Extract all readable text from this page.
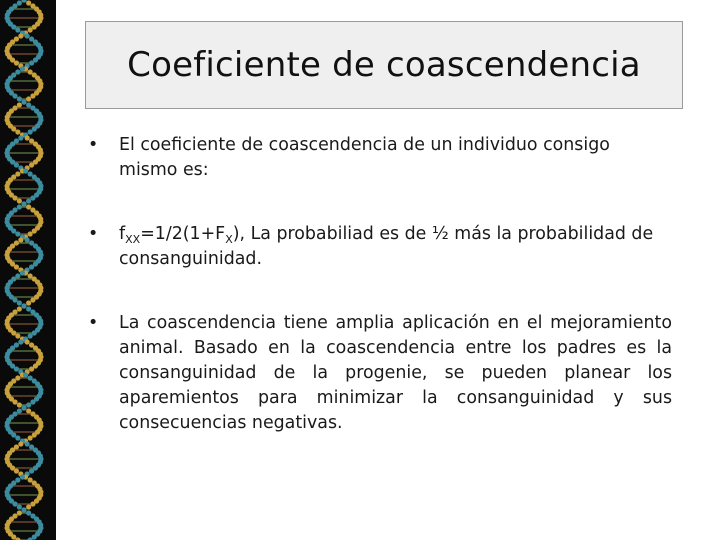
Coeficiente de coascendencia
• El coeficiente de coascendencia de un individuo consigo mismo es:
• $f_{XX}=1/2(1+F_X)$, La probabiliad es de ½ más la probabilidad de consanguinidad.
• La coascendencia tiene amplia aplicación en el mejoramiento animal. Basado en la coascendencia entre los padres es la consanguinidad de la progenie, se pueden planear los aparemientos para minimizar la consanguinidad y sus consecuencias negativas.
